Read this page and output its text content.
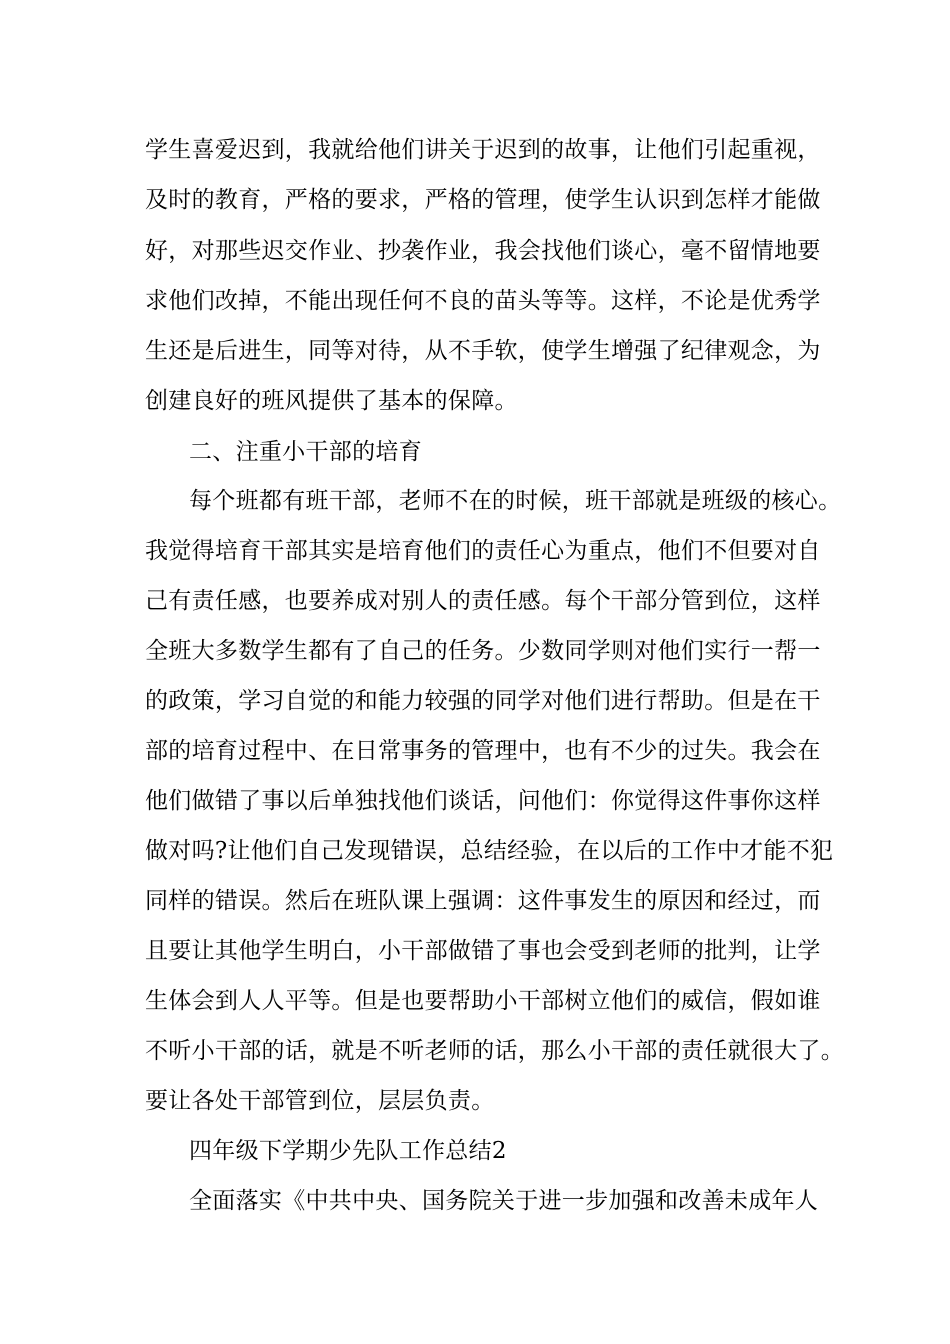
学生喜爱迟到，我就给他们讲关于迟到的故事，让他们引起重视，
及时的教育，严格的要求，严格的管理，使学生认识到怎样才能做
好，对那些迟交作业、抄袭作业，我会找他们谈心，毫不留情地要
求他们改掉，不能出现任何不良的苗头等等。这样，不论是优秀学
生还是后进生，同等对待，从不手软，使学生增强了纪律观念，为
创建良好的班风提供了基本的保障。
二、注重小干部的培育
每个班都有班干部，老师不在的时候，班干部就是班级的核心。
我觉得培育干部其实是培育他们的责任心为重点，他们不但要对自
己有责任感，也要养成对别人的责任感。每个干部分管到位，这样
全班大多数学生都有了自己的任务。少数同学则对他们实行一帮一
的政策，学习自觉的和能力较强的同学对他们进行帮助。但是在干
部的培育过程中、在日常事务的管理中，也有不少的过失。我会在
他们做错了事以后单独找他们谈话，问他们：你觉得这件事你这样
做对吗?让他们自己发现错误，总结经验，在以后的工作中才能不犯
同样的错误。然后在班队课上强调：这件事发生的原因和经过，而
且要让其他学生明白，小干部做错了事也会受到老师的批判，让学
生体会到人人平等。但是也要帮助小干部树立他们的威信，假如谁
不听小干部的话，就是不听老师的话，那么小干部的责任就很大了。
要让各处干部管到位，层层负责。
四年级下学期少先队工作总结2
全面落实《中共中央、国务院关于进一步加强和改善未成年人
